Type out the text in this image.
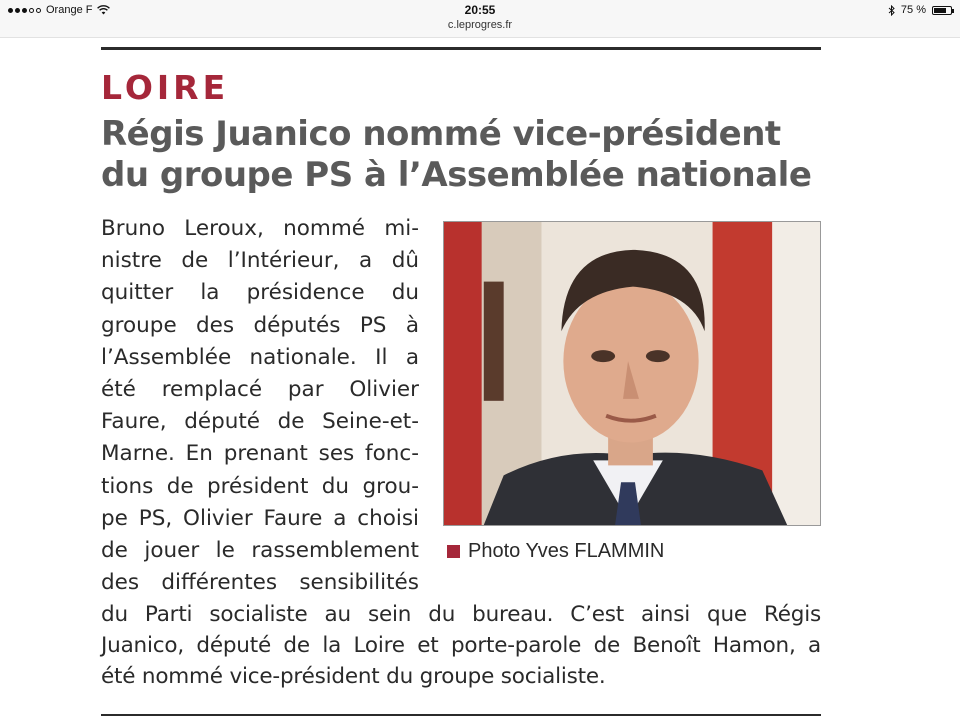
Orange F	20:55
c.leprogres.fr
75 %
LOIRE
Régis Juanico nommé vice-président
du groupe PS à l’Assemblée nationale
Bruno Leroux, nommé mi-
nistre de l’Intérieur, a dû
quitter la présidence du
groupe des députés PS à
l’Assemblée nationale. Il a
été remplacé par Olivier
Faure, député de Seine-et-
Marne. En prenant ses fonc-
tions de président du grou-
pe PS, Olivier Faure a choisi
de jouer le rassemblement
des différentes sensibilités
Photo Yves FLAMMIN
du Parti socialiste au sein du bureau. C’est ainsi que Régis
Juanico, député de la Loire et porte-parole de Benoît Hamon, a
été nommé vice-président du groupe socialiste.
